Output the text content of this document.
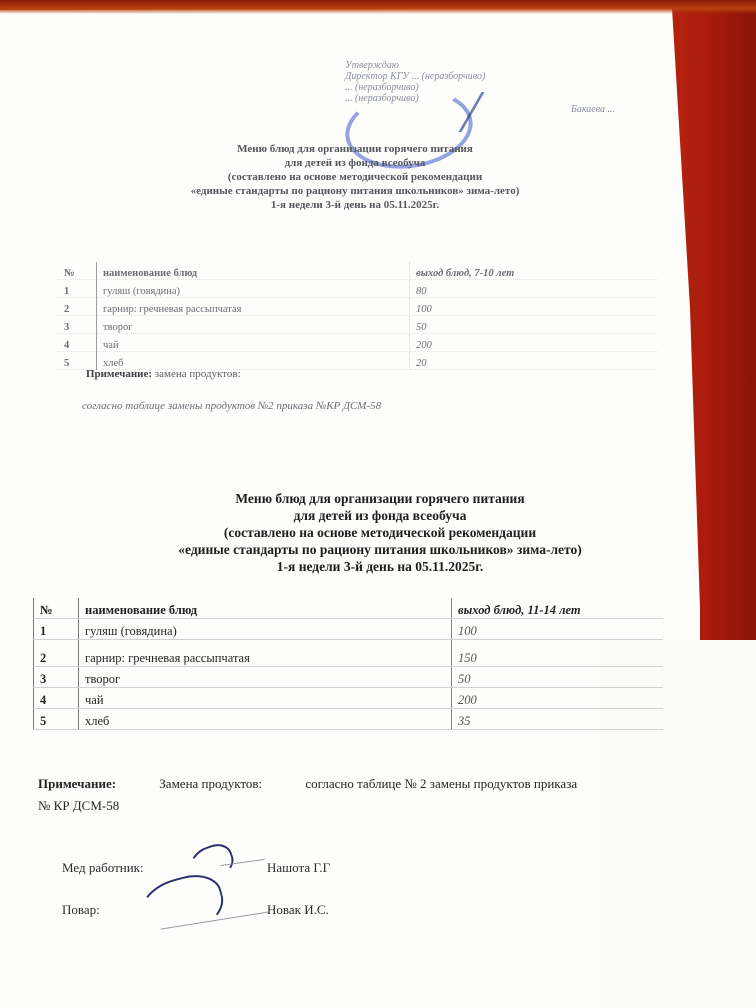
Утверждаю
Директор КГУ ... (неразборчиво)
... (неразборчиво)
... (неразборчиво)
Бакаева ...
Меню блюд для организации горячего питания
для детей из фонда всеобуча
(составлено на основе методической рекомендации
«единые стандарты по рациону питания школьников» зима-лето)
1-я недели 3-й день на 05.11.2025г.
№	наименование блюд	выход блюд, 7-10 лет
1	гуляш (говядина)	80
2	гарнир: гречневая рассыпчатая	100
3	творог	50
4	чай	200
5	хлеб	20
Примечание: замена продуктов:
согласно таблице замены продуктов №2 приказа №КР ДСМ-58
Меню блюд для организации горячего питания
для детей из фонда всеобуча
(составлено на основе методической рекомендации
«единые стандарты по рациону питания школьников» зима-лето)
1-я недели 3-й день на 05.11.2025г.
№	наименование блюд	выход блюд, 11-14 лет
1	гуляш (говядина)	100
2	гарнир: гречневая рассыпчатая	150
3	творог	50
4	чай	200
5	хлеб	35
Примечание:	Замена продуктов:	согласно таблице № 2 замены продуктов приказа
№ КР ДСМ-58
Мед работник:	Нашота Г.Г
Повар:	Новак И.С.
